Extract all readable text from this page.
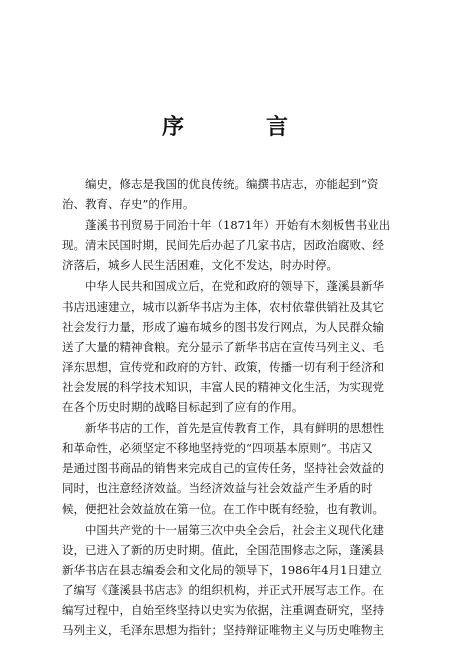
序　言
编史，修志是我国的优良传统。编撰书店志，亦能起到“资
治、教育、存史”的作用。
蓬溪书刊贸易于同治十年（1871年）开始有木刻板售书业出
现。清末民国时期，民间先后办起了几家书店，因政治腐败、经
济落后，城乡人民生活困难，文化不发达，时办时停。
中华人民共和国成立后，在党和政府的领导下，蓬溪县新华
书店迅速建立，城市以新华书店为主体，农村依靠供销社及其它
社会发行力量，形成了遍布城乡的图书发行网点，为人民群众输
送了大量的精神食粮。充分显示了新华书店在宣传马列主义、毛
泽东思想，宣传党和政府的方针、政策，传播一切有利于经济和
社会发展的科学技术知识，丰富人民的精神文化生活，为实现党
在各个历史时期的战略目标起到了应有的作用。
新华书店的工作，首先是宣传教育工作，具有鲜明的思想性
和革命性，必须坚定不移地坚持党的“四项基本原则”。书店又
是通过图书商品的销售来完成自己的宣传任务，坚持社会效益的
同时，也注意经济效益。当经济效益与社会效益产生矛盾的时
候，便把社会效益放在第一位。在工作中既有经验，也有教训。
中国共产党的十一届第三次中央全会后，社会主义现代化建
设，已进入了新的历史时期。值此，全国范围修志之际，蓬溪县
新华书店在县志编委会和文化局的领导下，1986年4月1日建立
了编写《蓬溪县书店志》的组织机构，并正式开展写志工作。在
编写过程中，自始至终坚持以史实为依据，注重调查研究，坚持
马列主义，毛泽东思想为指针；坚持辩证唯物主义与历史唯物主
